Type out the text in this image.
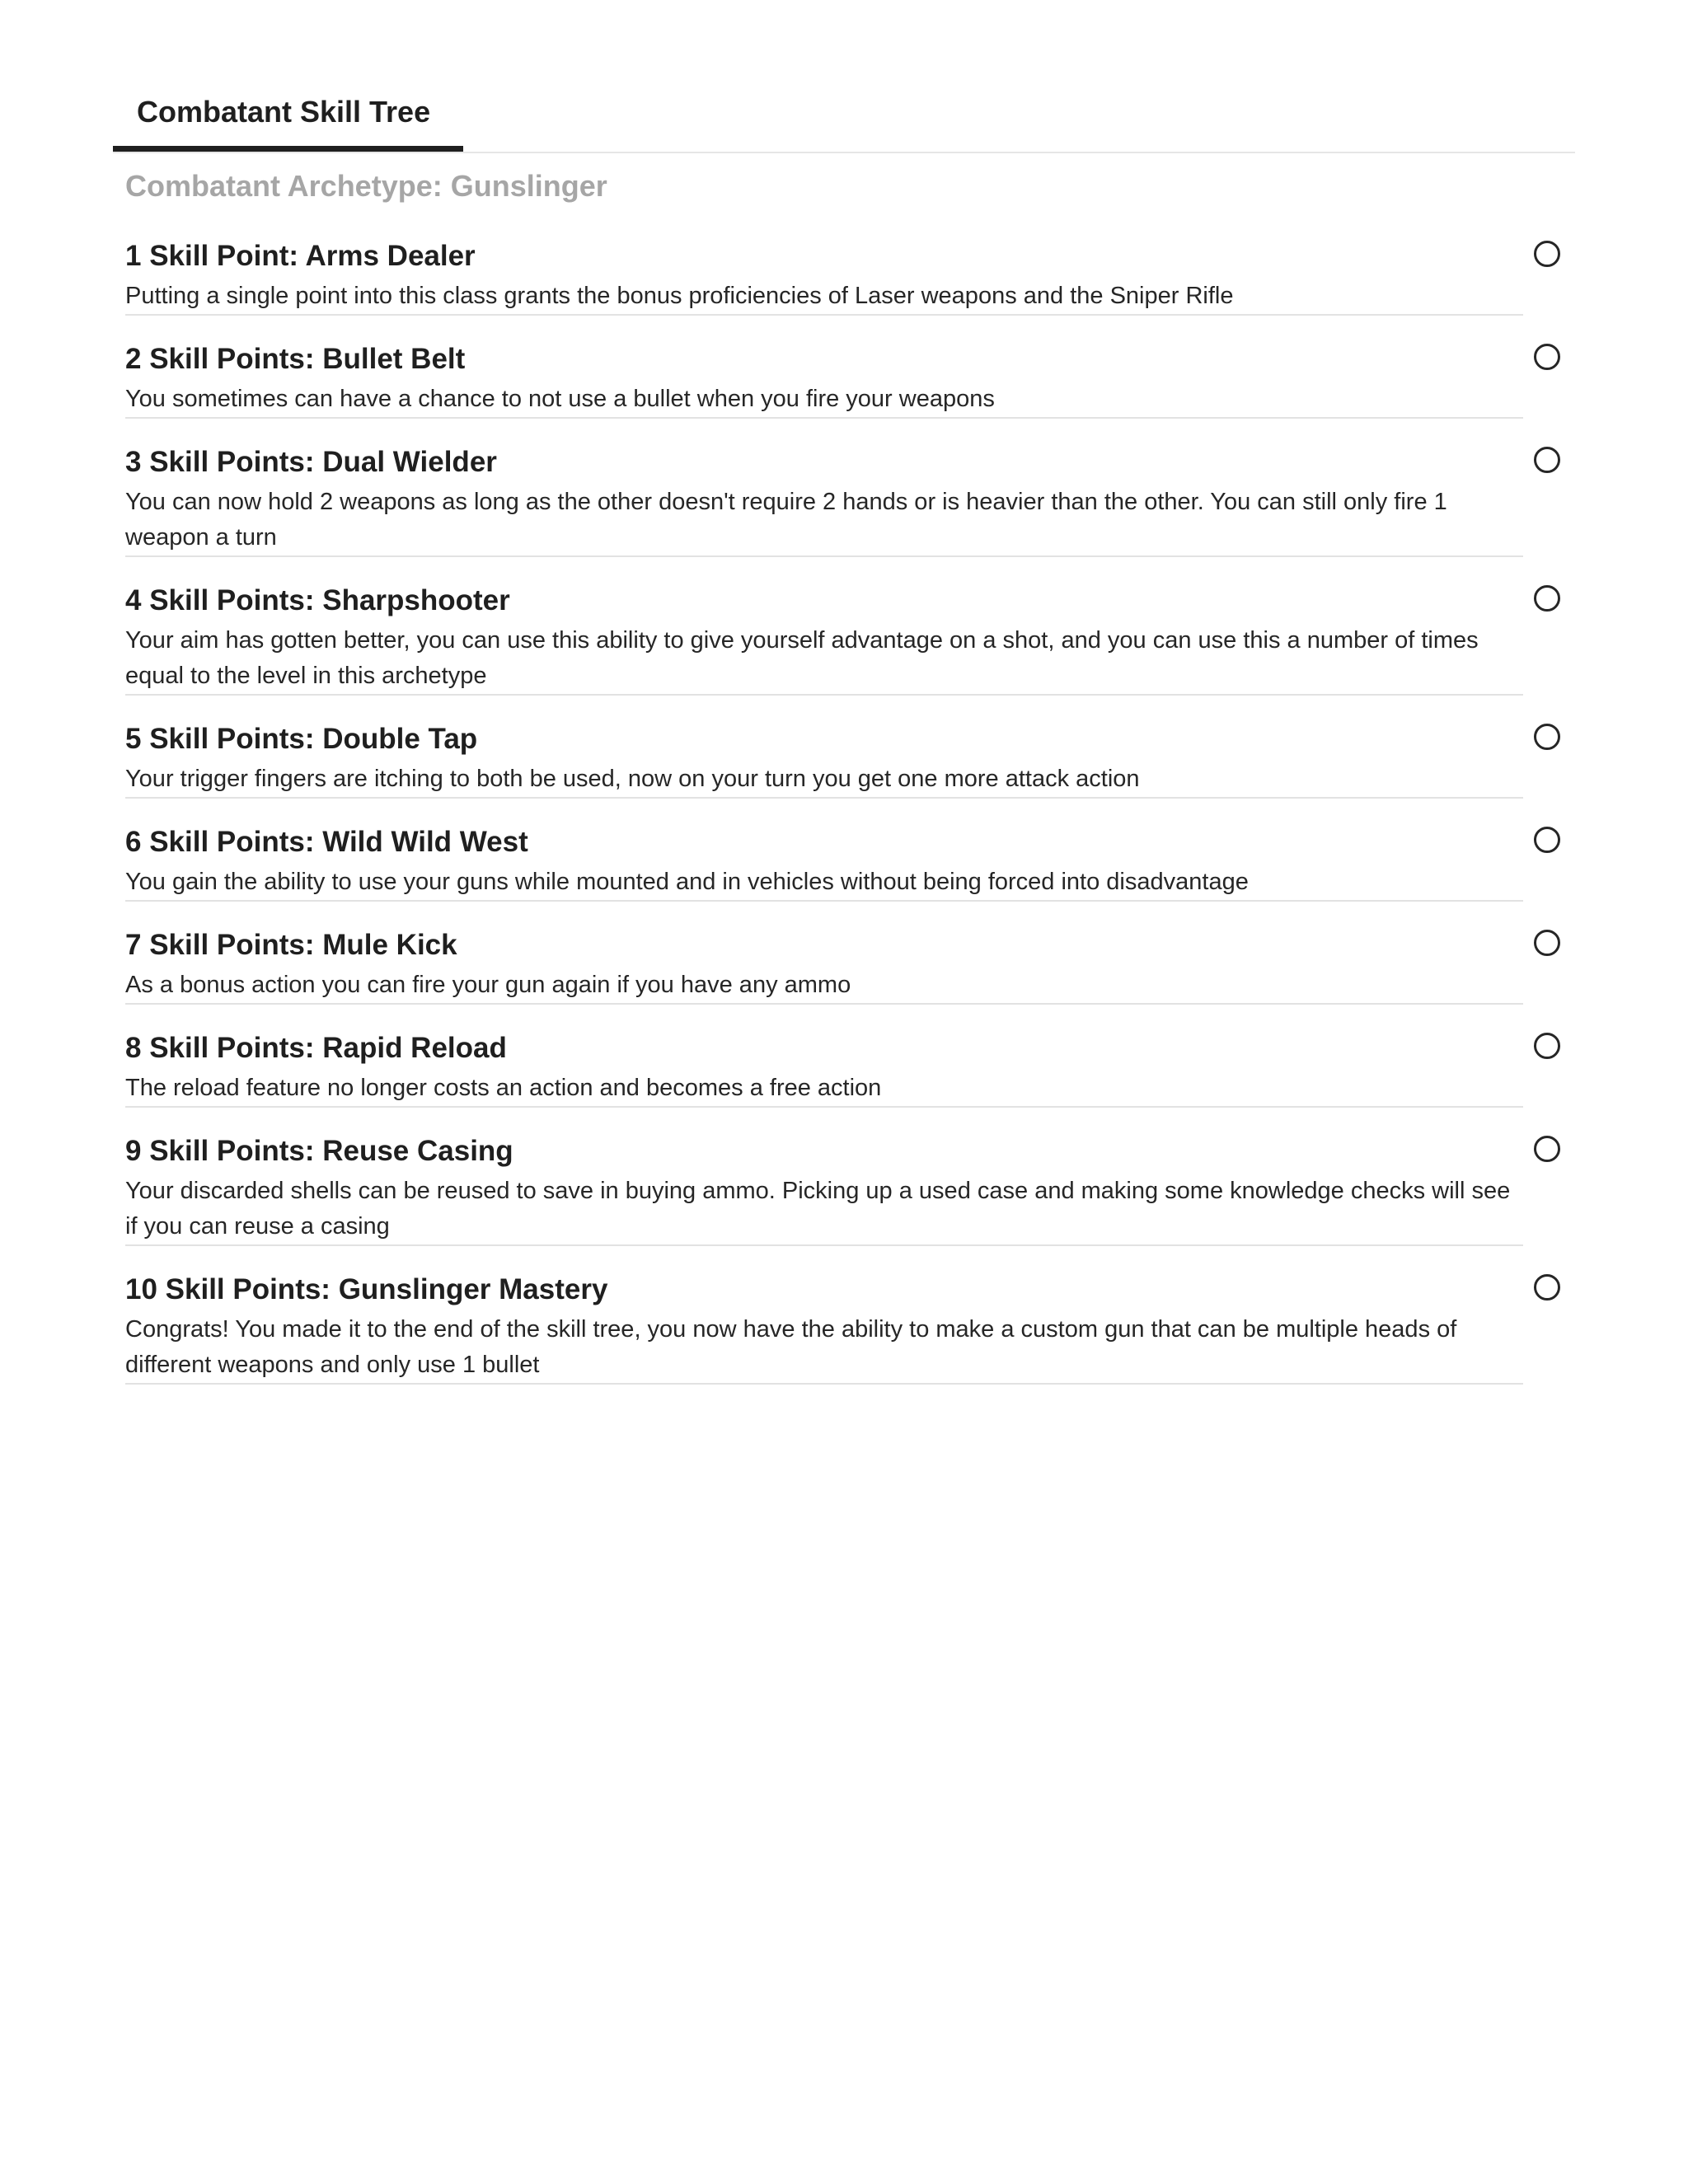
Combatant Skill Tree
Combatant Archetype: Gunslinger
1 Skill Point: Arms Dealer
Putting a single point into this class grants the bonus proficiencies of Laser weapons and the Sniper Rifle
2 Skill Points: Bullet Belt
You sometimes can have a chance to not use a bullet when you fire your weapons
3 Skill Points: Dual Wielder
You can now hold 2 weapons as long as the other doesn't require 2 hands or is heavier than the other. You can still only fire 1 weapon a turn
4 Skill Points: Sharpshooter
Your aim has gotten better, you can use this ability to give yourself advantage on a shot, and you can use this a number of times equal to the level in this archetype
5 Skill Points: Double Tap
Your trigger fingers are itching to both be used, now on your turn you get one more attack action
6 Skill Points: Wild Wild West
You gain the ability to use your guns while mounted and in vehicles without being forced into disadvantage
7 Skill Points: Mule Kick
As a bonus action you can fire your gun again if you have any ammo
8 Skill Points: Rapid Reload
The reload feature no longer costs an action and becomes a free action
9 Skill Points: Reuse Casing
Your discarded shells can be reused to save in buying ammo. Picking up a used case and making some knowledge checks will see if you can reuse a casing
10 Skill Points: Gunslinger Mastery
Congrats! You made it to the end of the skill tree, you now have the ability to make a custom gun that can be multiple heads of different weapons and only use 1 bullet
